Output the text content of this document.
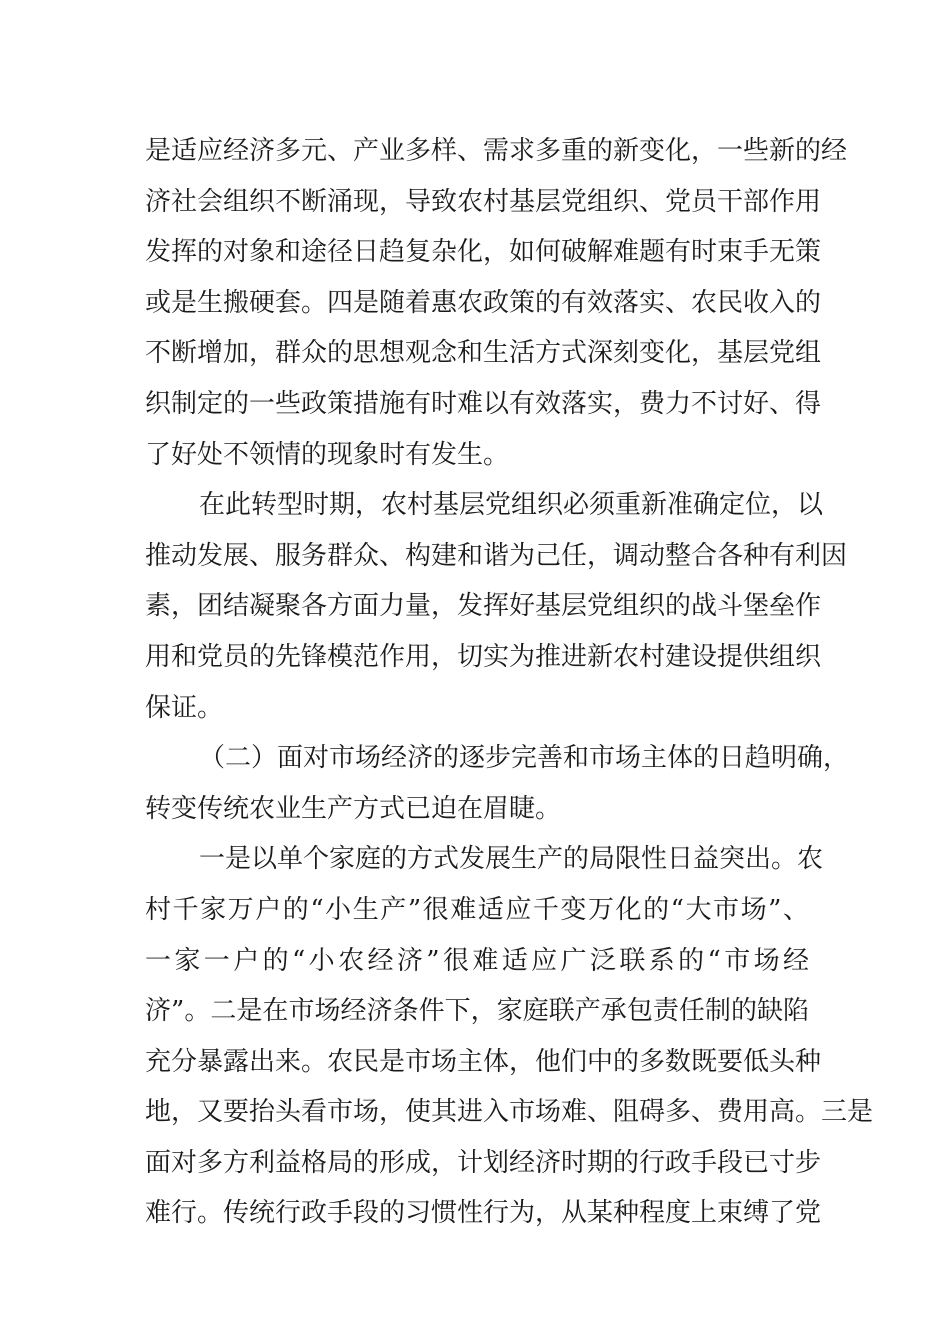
是适应经济多元、产业多样、需求多重的新变化，一些新的经
济社会组织不断涌现，导致农村基层党组织、党员干部作用
发挥的对象和途径日趋复杂化，如何破解难题有时束手无策
或是生搬硬套。四是随着惠农政策的有效落实、农民收入的
不断增加，群众的思想观念和生活方式深刻变化，基层党组
织制定的一些政策措施有时难以有效落实，费力不讨好、得
了好处不领情的现象时有发生。
在此转型时期，农村基层党组织必须重新准确定位，以
推动发展、服务群众、构建和谐为己任，调动整合各种有利因
素，团结凝聚各方面力量，发挥好基层党组织的战斗堡垒作
用和党员的先锋模范作用，切实为推进新农村建设提供组织
保证。
（二）面对市场经济的逐步完善和市场主体的日趋明确，
转变传统农业生产方式已迫在眉睫。
一是以单个家庭的方式发展生产的局限性日益突出。农
村千家万户的“小生产”很难适应千变万化的“大市场”、
一家一户的“小农经济”很难适应广泛联系的“市场经
济”。二是在市场经济条件下，家庭联产承包责任制的缺陷
充分暴露出来。农民是市场主体，他们中的多数既要低头种
地，又要抬头看市场，使其进入市场难、阻碍多、费用高。三是
面对多方利益格局的形成，计划经济时期的行政手段已寸步
难行。传统行政手段的习惯性行为，从某种程度上束缚了党
